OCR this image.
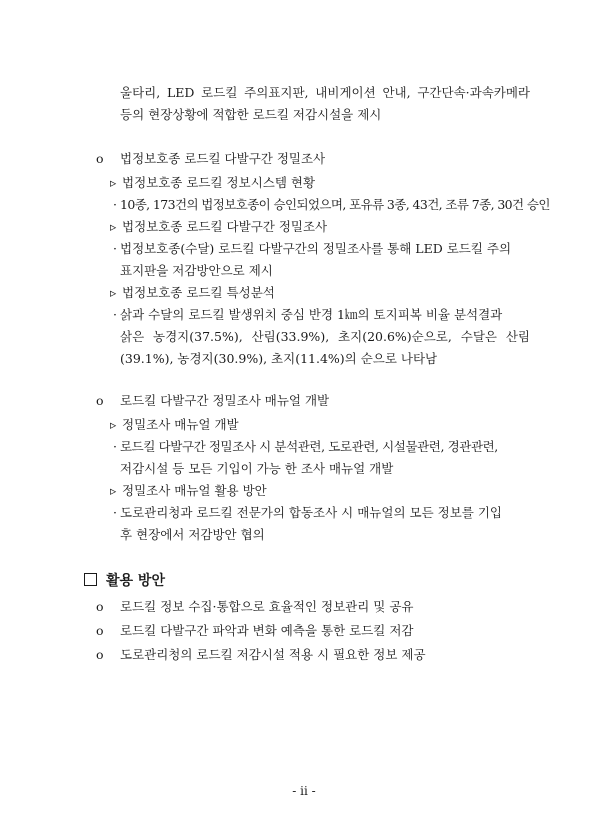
울타리, LED 로드킬 주의표지판, 내비게이션 안내, 구간단속·과속카메라
등의 현장상황에 적합한 로드킬 저감시설을 제시
o 법정보호종 로드킬 다발구간 정밀조사
▹ 법정보호종 로드킬 정보시스템 현황
· 10종, 173건의 법정보호종이 승인되었으며, 포유류 3종, 43건, 조류 7종, 30건 승인
▹ 법정보호종 로드킬 다발구간 정밀조사
· 법정보호종(수달) 로드킬 다발구간의 정밀조사를 통해 LED 로드킬 주의
표지판을 저감방안으로 제시
▹ 법정보호종 로드킬 특성분석
· 삵과 수달의 로드킬 발생위치 중심 반경 1㎞의 토지피복 비율 분석결과
삵은 농경지(37.5%), 산림(33.9%), 초지(20.6%)순으로, 수달은 산림
(39.1%), 농경지(30.9%), 초지(11.4%)의 순으로 나타남
o 로드킬 다발구간 정밀조사 매뉴얼 개발
▹ 정밀조사 매뉴얼 개발
· 로드킬 다발구간 정밀조사 시 분석관련, 도로관련, 시설물관련, 경관관련,
저감시설 등 모든 기입이 가능 한 조사 매뉴얼 개발
▹ 정밀조사 매뉴얼 활용 방안
· 도로관리청과 로드킬 전문가의 합동조사 시 매뉴얼의 모든 정보를 기입
후 현장에서 저감방안 협의
활용 방안
o 로드킬 정보 수집·통합으로 효율적인 정보관리 및 공유
o 로드킬 다발구간 파악과 변화 예측을 통한 로드킬 저감
o 도로관리청의 로드킬 저감시설 적용 시 필요한 정보 제공
- ii -
